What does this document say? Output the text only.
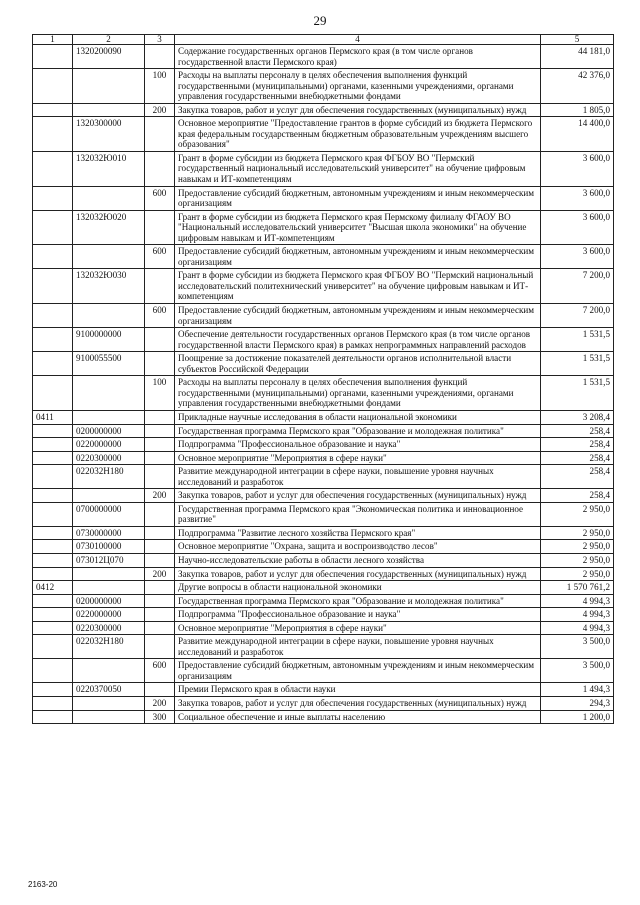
29
1	2	3	4	5
	1320200090		Содержание государственных органов Пермского края (в том числе органов государственной власти Пермского края)	44 181,0
		100	Расходы на выплаты персоналу в целях обеспечения выполнения функций государственными (муниципальными) органами, казенными учреждениями, органами управления государственными внебюджетными фондами	42 376,0
		200	Закупка товаров, работ и услуг для обеспечения государственных (муниципальных) нужд	1 805,0
	1320300000		Основное мероприятие "Предоставление грантов в форме субсидий из бюджета Пермского края федеральным государственным бюджетным образовательным учреждениям высшего образования"	14 400,0
	132032Ю010		Грант в форме субсидии из бюджета Пермского края ФГБОУ ВО "Пермский государственный национальный исследовательский университет" на обучение цифровым навыкам и ИТ-компетенциям	3 600,0
		600	Предоставление субсидий бюджетным, автономным учреждениям и иным некоммерческим организациям	3 600,0
	132032Ю020		Грант в форме субсидии из бюджета Пермского края Пермскому филиалу ФГАОУ ВО "Национальный исследовательский университет "Высшая школа экономики" на обучение цифровым навыкам и ИТ-компетенциям	3 600,0
		600	Предоставление субсидий бюджетным, автономным учреждениям и иным некоммерческим организациям	3 600,0
	132032Ю030		Грант в форме субсидии из бюджета Пермского края ФГБОУ ВО "Пермский национальный исследовательский политехнический университет" на обучение цифровым навыкам и ИТ-компетенциям	7 200,0
		600	Предоставление субсидий бюджетным, автономным учреждениям и иным некоммерческим организациям	7 200,0
	9100000000		Обеспечение деятельности государственных органов Пермского края (в том числе органов государственной власти Пермского края) в рамках непрограммных направлений расходов	1 531,5
	9100055500		Поощрение за достижение показателей деятельности органов исполнительной власти субъектов Российской Федерации	1 531,5
		100	Расходы на выплаты персоналу в целях обеспечения выполнения функций государственными (муниципальными) органами, казенными учреждениями, органами управления государственными внебюджетными фондами	1 531,5
0411			Прикладные научные исследования в области национальной экономики	3 208,4
	0200000000		Государственная программа Пермского края "Образование и молодежная политика"	258,4
	0220000000		Подпрограмма "Профессиональное образование и наука"	258,4
	0220300000		Основное мероприятие "Мероприятия в сфере науки"	258,4
	022032Н180		Развитие международной интеграции в сфере науки, повышение уровня научных исследований и разработок	258,4
		200	Закупка товаров, работ и услуг для обеспечения государственных (муниципальных) нужд	258,4
	0700000000		Государственная программа Пермского края "Экономическая политика и инновационное развитие"	2 950,0
	0730000000		Подпрограмма "Развитие лесного хозяйства Пермского края"	2 950,0
	0730100000		Основное мероприятие "Охрана, защита и воспроизводство лесов"	2 950,0
	073012Ц070		Научно-исследовательские работы в области лесного хозяйства	2 950,0
		200	Закупка товаров, работ и услуг для обеспечения государственных (муниципальных) нужд	2 950,0
0412			Другие вопросы в области национальной экономики	1 570 761,2
	0200000000		Государственная программа Пермского края "Образование и молодежная политика"	4 994,3
	0220000000		Подпрограмма "Профессиональное образование и наука"	4 994,3
	0220300000		Основное мероприятие "Мероприятия в сфере науки"	4 994,3
	022032Н180		Развитие международной интеграции в сфере науки, повышение уровня научных исследований и разработок	3 500,0
		600	Предоставление субсидий бюджетным, автономным учреждениям и иным некоммерческим организациям	3 500,0
	0220370050		Премии Пермского края в области науки	1 494,3
		200	Закупка товаров, работ и услуг для обеспечения государственных (муниципальных) нужд	294,3
		300	Социальное обеспечение и иные выплаты населению	1 200,0
2163-20
